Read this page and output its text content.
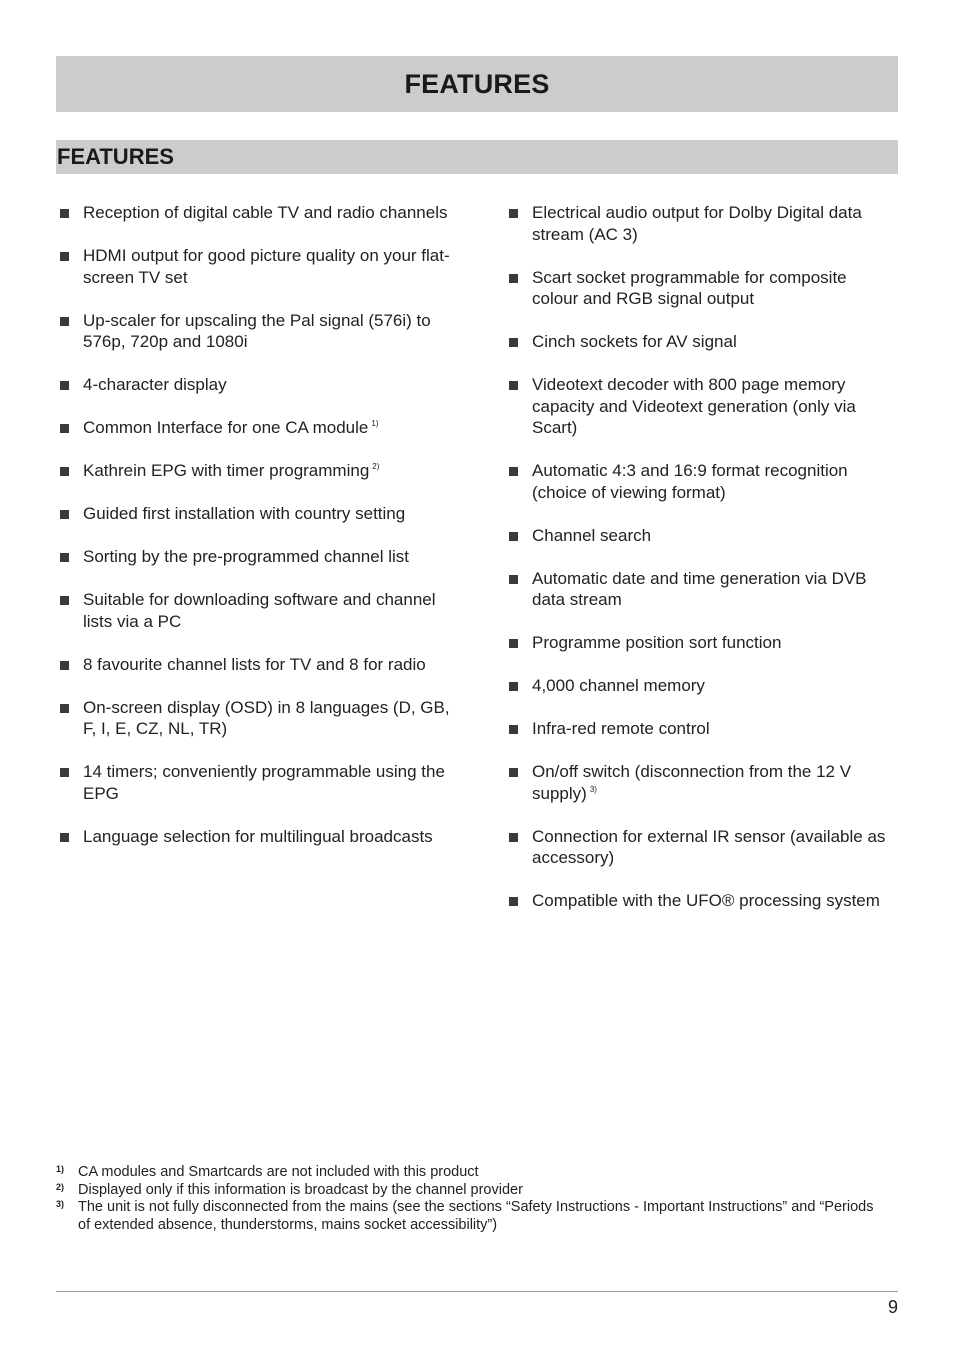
FEATURES
FEATURES
Reception of digital cable TV and radio channels
HDMI output for good picture quality on your flat-screen TV set
Up-scaler for upscaling the Pal signal (576i) to 576p, 720p and 1080i
4-character display
Common Interface for one CA module $^{1)}$
Kathrein EPG with timer programming $^{2)}$
Guided first installation with country setting
Sorting by the pre-programmed channel list
Suitable for downloading software and channel lists via a PC
8 favourite channel lists for TV and 8 for radio
On-screen display (OSD) in 8 languages (D, GB, F, I, E, CZ, NL, TR)
14 timers; conveniently programmable using the EPG
Language selection for multilingual broadcasts
Electrical audio output for Dolby Digital data stream (AC 3)
Scart socket programmable for composite colour and RGB signal output
Cinch sockets for AV signal
Videotext decoder with 800 page memory capacity and Videotext generation (only via Scart)
Automatic 4:3 and 16:9 format recognition (choice of viewing format)
Channel search
Automatic date and time generation via DVB data stream
Programme position sort function
4,000 channel memory
Infra-red remote control
On/off switch (disconnection from the 12 V supply) $^{3)}$
Connection for external IR sensor (available as accessory)
Compatible with the UFO® processing system
1) CA modules and Smartcards are not included with this product
2) Displayed only if this information is broadcast by the channel provider
3) The unit is not fully disconnected from the mains (see the sections “Safety Instructions - Important Instructions” and “Periods of extended absence, thunderstorms, mains socket accessibility”)
9
